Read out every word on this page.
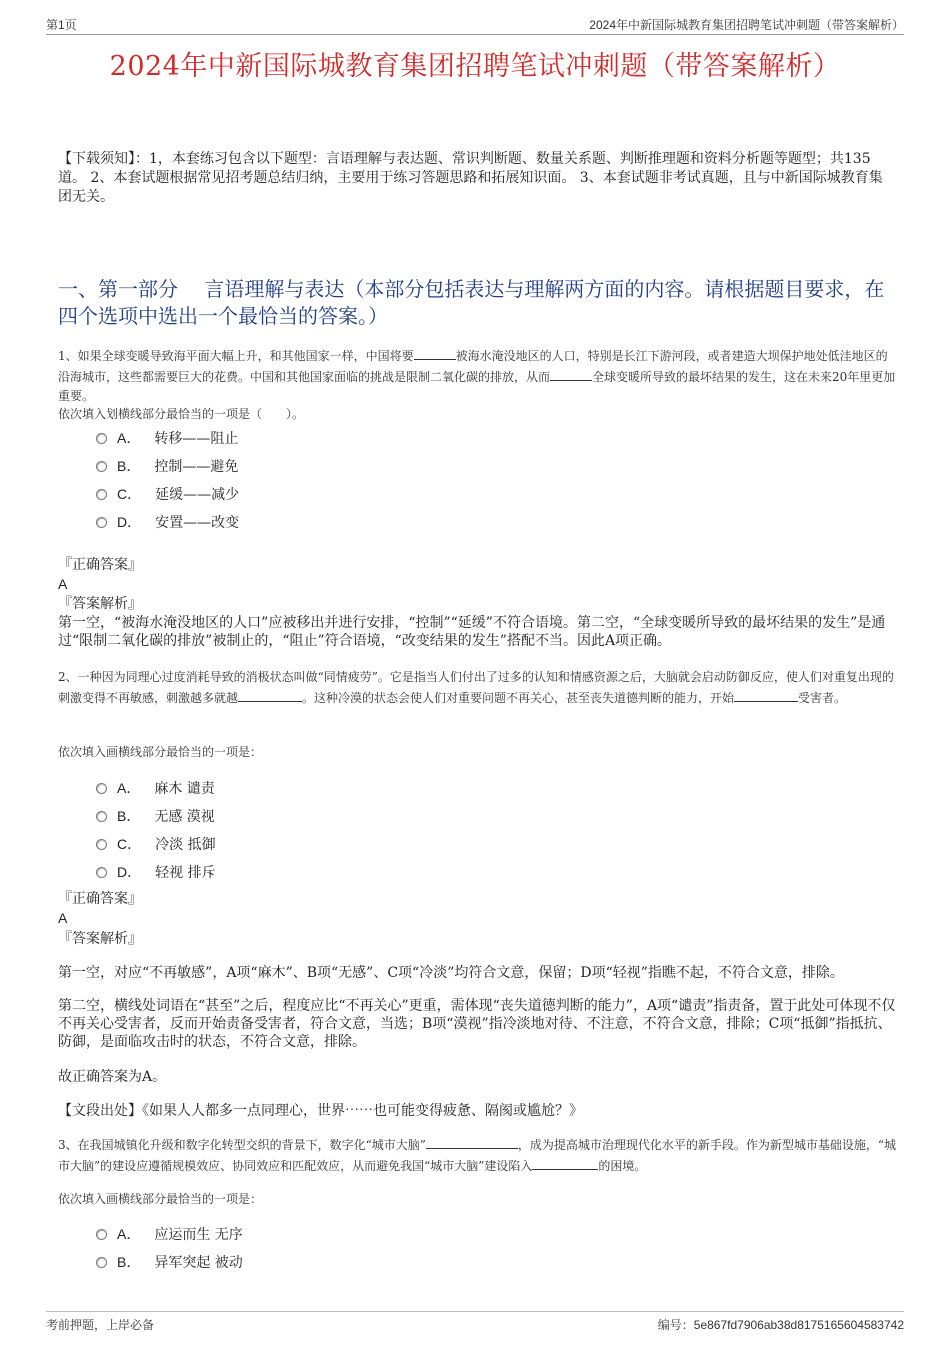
第1页	2024年中新国际城教育集团招聘笔试冲刺题（带答案解析）
2024年中新国际城教育集团招聘笔试冲刺题（带答案解析）
【下载须知】：1，本套练习包含以下题型：言语理解与表达题、常识判断题、数量关系题、判断推理题和资料分析题等题型；共135道。 2、本套试题根据常见招考题总结归纳，主要用于练习答题思路和拓展知识面。 3、本套试题非考试真题，且与中新国际城教育集团无关。
一、第一部分　 言语理解与表达（本部分包括表达与理解两方面的内容。请根据题目要求，在四个选项中选出一个最恰当的答案。）
1、如果全球变暖导致海平面大幅上升，和其他国家一样，中国将要	被海水淹没地区的人口，特别是长江下游河段，或者建造大坝保护地处低洼地区的沿海城市，这些都需要巨大的花费。中国和其他国家面临的挑战是限制二氧化碳的排放，从而	全球变暖所导致的最坏结果的发生，这在未来20年里更加重要。
依次填入划横线部分最恰当的一项是（　　）。
A． 转移——阻止
B． 控制——避免
C． 延缓——减少
D． 安置——改变
『正确答案』
A
『答案解析』
第一空，“被海水淹没地区的人口”应被移出并进行安排，“控制”“延缓”不符合语境。第二空，“全球变暖所导致的最坏结果的发生”是通过“限制二氧化碳的排放”被制止的，“阻止”符合语境，“改变结果的发生”搭配不当。因此A项正确。
2、一种因为同理心过度消耗导致的消极状态叫做“同情疲劳”。它是指当人们付出了过多的认知和情感资源之后，大脑就会启动防御反应，使人们对重复出现的刺激变得不再敏感，刺激越多就越	。这种冷漠的状态会使人们对重要问题不再关心，甚至丧失道德判断的能力，开始	受害者。
依次填入画横线部分最恰当的一项是：
A． 麻木 谴责
B． 无感 漠视
C． 冷淡 抵御
D． 轻视 排斥
『正确答案』
A
『答案解析』
第一空，对应“不再敏感”，A项“麻木”、B项“无感”、C项“冷淡”均符合文意，保留；D项“轻视”指瞧不起，不符合文意，排除。
第二空，横线处词语在“甚至”之后，程度应比“不再关心”更重，需体现“丧失道德判断的能力”，A项“谴责”指责备，置于此处可体现不仅不再关心受害者，反而开始责备受害者，符合文意，当选；B项“漠视”指冷淡地对待、不注意，不符合文意，排除；C项“抵御”指抵抗、防御，是面临攻击时的状态，不符合文意，排除。
故正确答案为A。
【文段出处】《如果人人都多一点同理心，世界⋯⋯也可能变得疲惫、隔阂或尴尬？》
3、在我国城镇化升级和数字化转型交织的背景下，数字化“城市大脑”	，成为提高城市治理现代化水平的新手段。作为新型城市基础设施，“城市大脑”的建设应遵循规模效应、协同效应和匹配效应，从而避免我国“城市大脑”建设陷入	的困境。
依次填入画横线部分最恰当的一项是：
A． 应运而生 无序
B． 异军突起 被动
考前押题，上岸必备	编号：5e867fd7906ab38d8175165604583742
